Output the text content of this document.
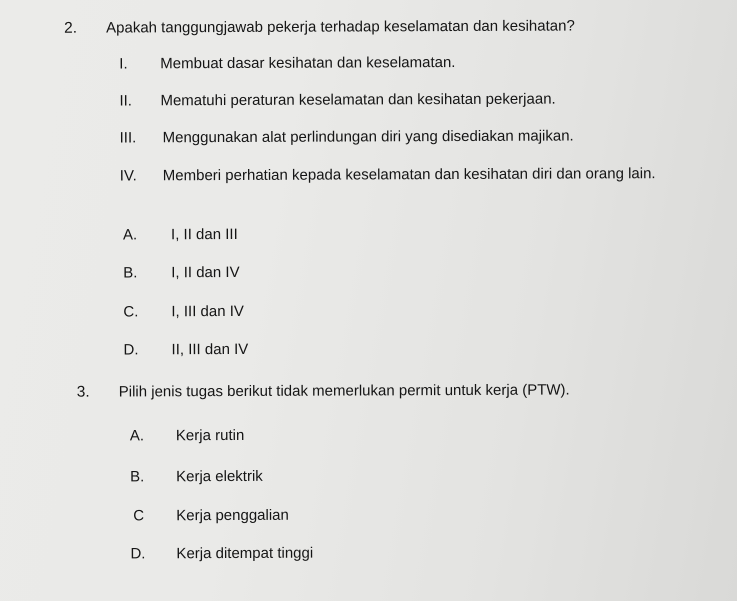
2. Apakah tanggungjawab pekerja terhadap keselamatan dan kesihatan?
I. Membuat dasar kesihatan dan keselamatan.
II. Mematuhi peraturan keselamatan dan kesihatan pekerjaan.
III. Menggunakan alat perlindungan diri yang disediakan majikan.
IV. Memberi perhatian kepada keselamatan dan kesihatan diri dan orang lain.
A. I, II dan III
B. I, II dan IV
C. I, III dan IV
D. II, III dan IV
3. Pilih jenis tugas berikut tidak memerlukan permit untuk kerja (PTW).
A. Kerja rutin
B. Kerja elektrik
C Kerja penggalian
D. Kerja ditempat tinggi
